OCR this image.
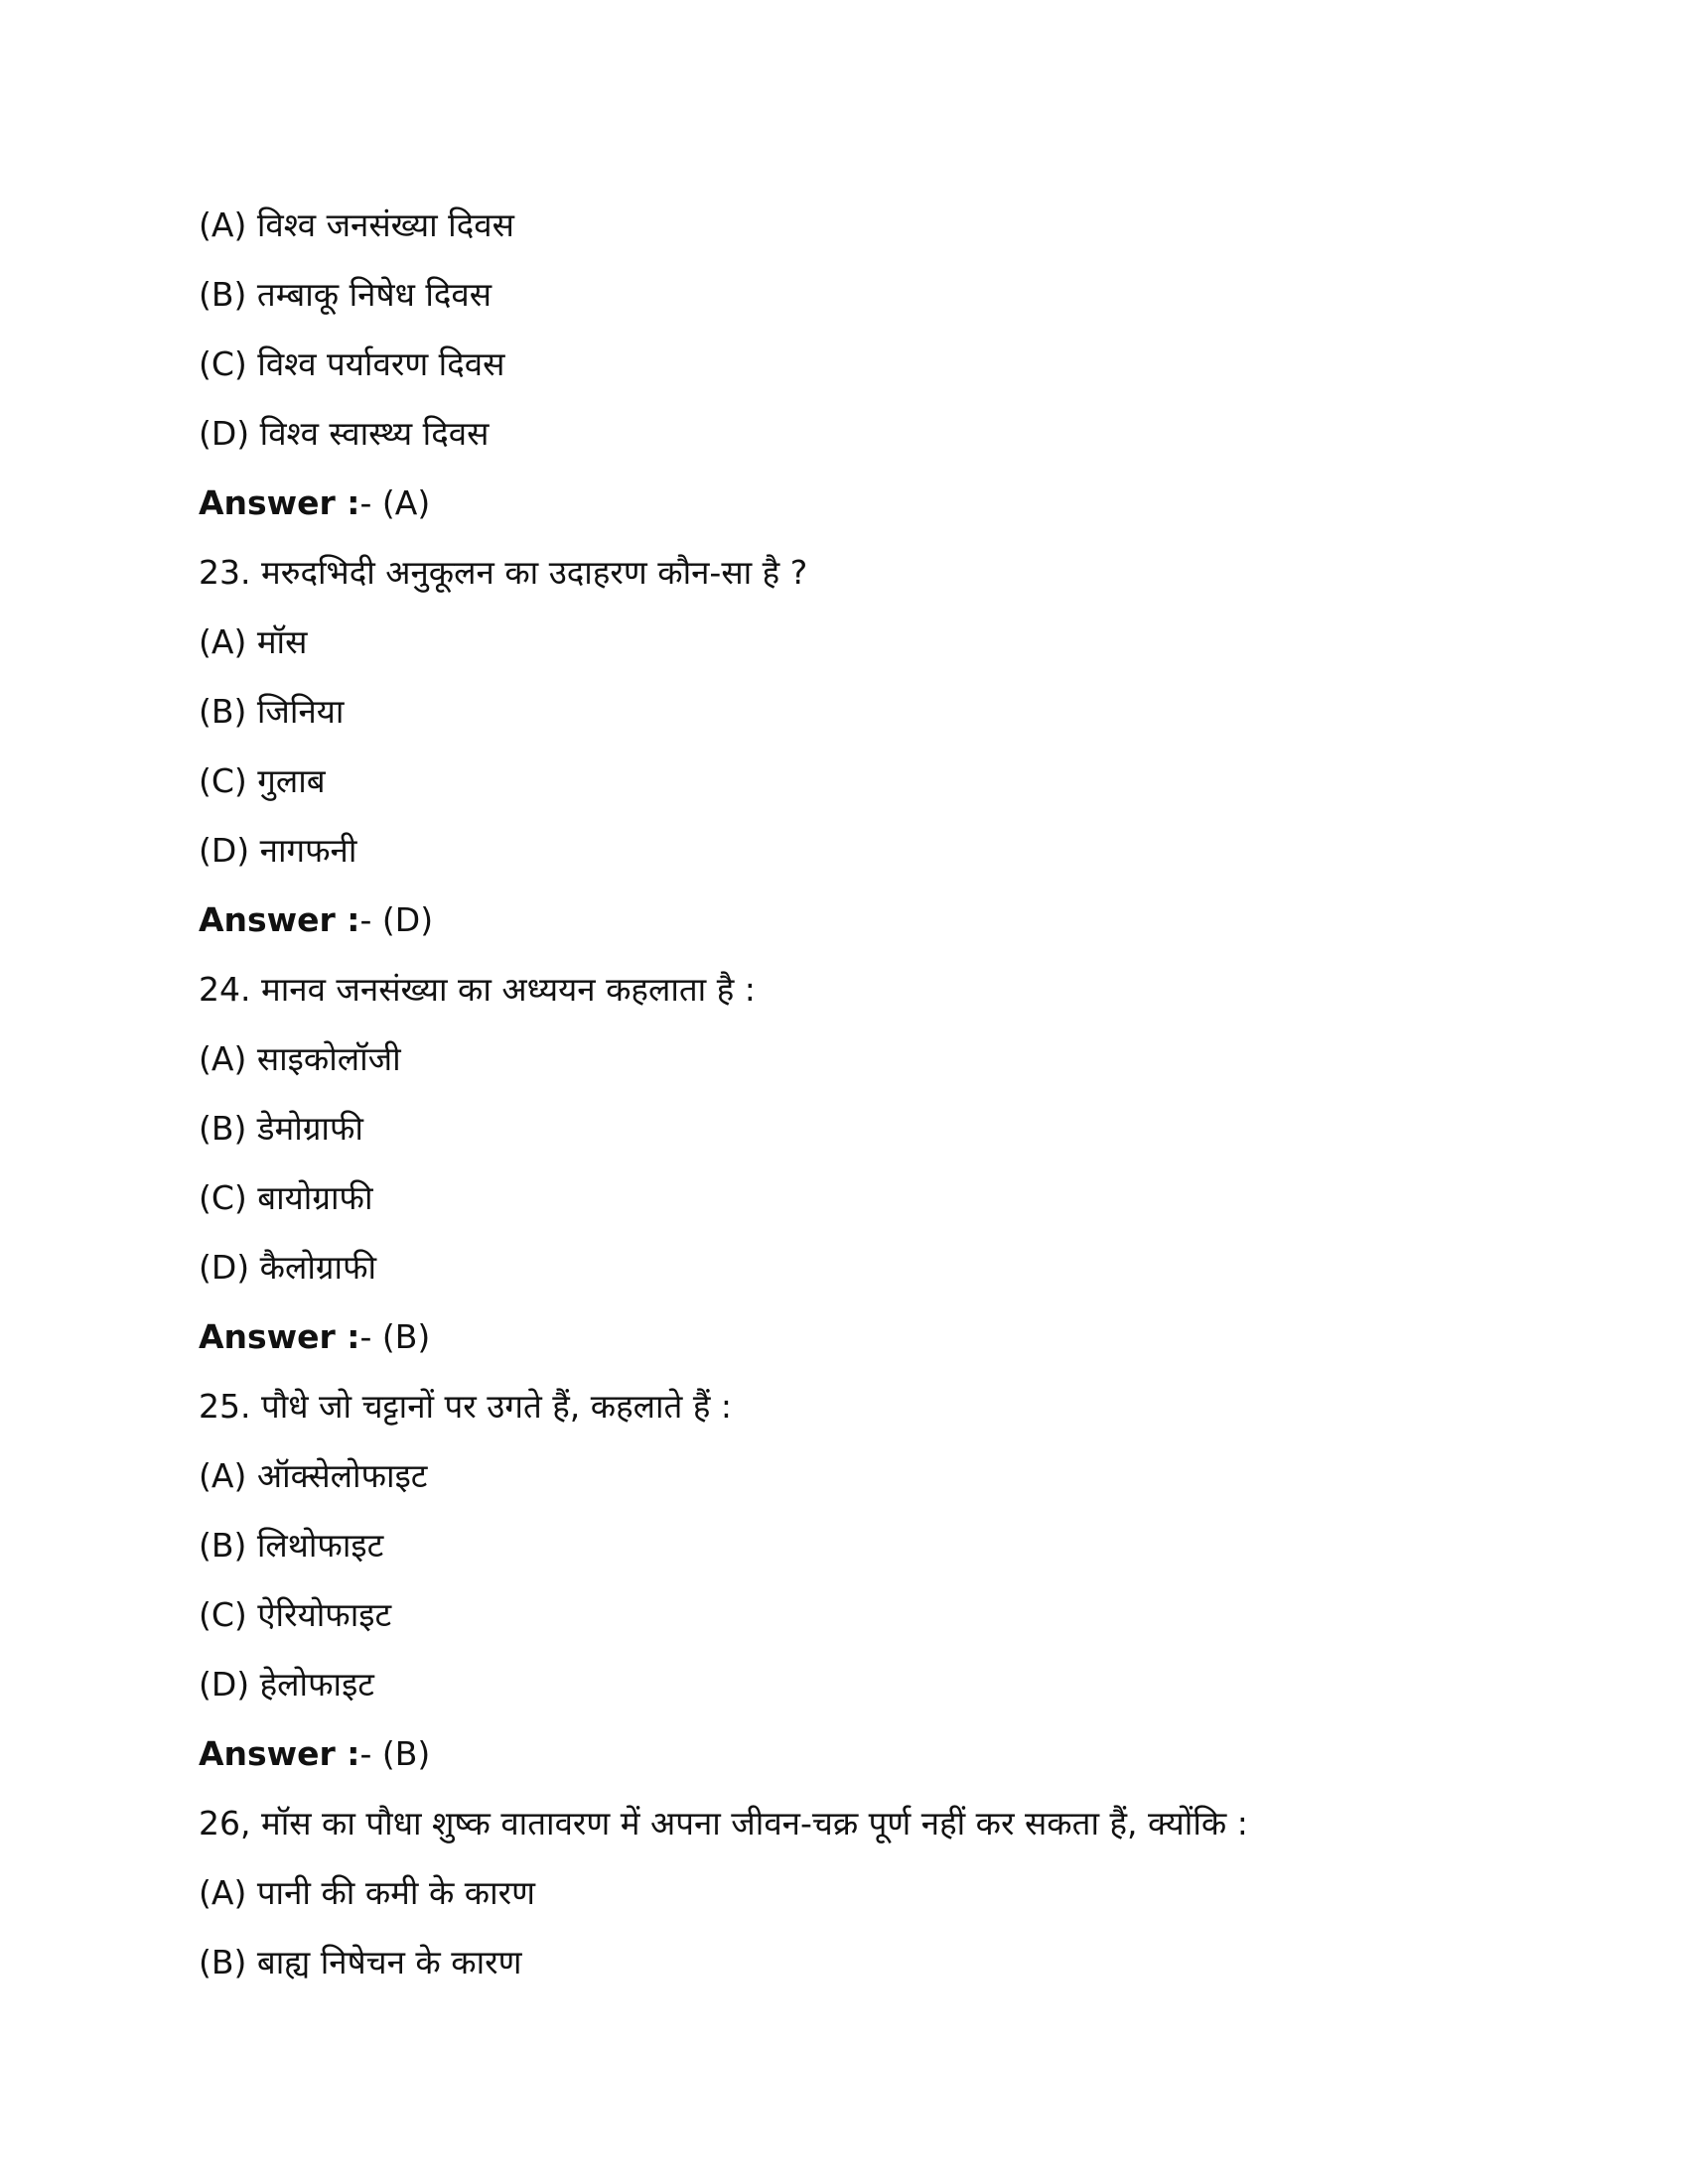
(A) विश्व जनसंख्या दिवस
(B) तम्बाकू निषेध दिवस
(C) विश्व पर्यावरण दिवस
(D) विश्व स्वास्थ्य दिवस
Answer :- (A)
23. मरुदभिदी अनुकूलन का उदाहरण कौन-सा है ?
(A) मॉस
(B) जिनिया
(C) गुलाब
(D) नागफनी
Answer :- (D)
24. मानव जनसंख्या का अध्ययन कहलाता है :
(A) साइकोलॉजी
(B) डेमोग्राफी
(C) बायोग्राफी
(D) कैलोग्राफी
Answer :- (B)
25. पौधे जो चट्टानों पर उगते हैं, कहलाते हैं :
(A) ऑक्सेलोफाइट
(B) लिथोफाइट
(C) ऐरियोफाइट
(D) हेलोफाइट
Answer :- (B)
26, मॉस का पौधा शुष्क वातावरण में अपना जीवन-चक्र पूर्ण नहीं कर सकता हैं, क्योंकि :
(A) पानी की कमी के कारण
(B) बाह्य निषेचन के कारण
